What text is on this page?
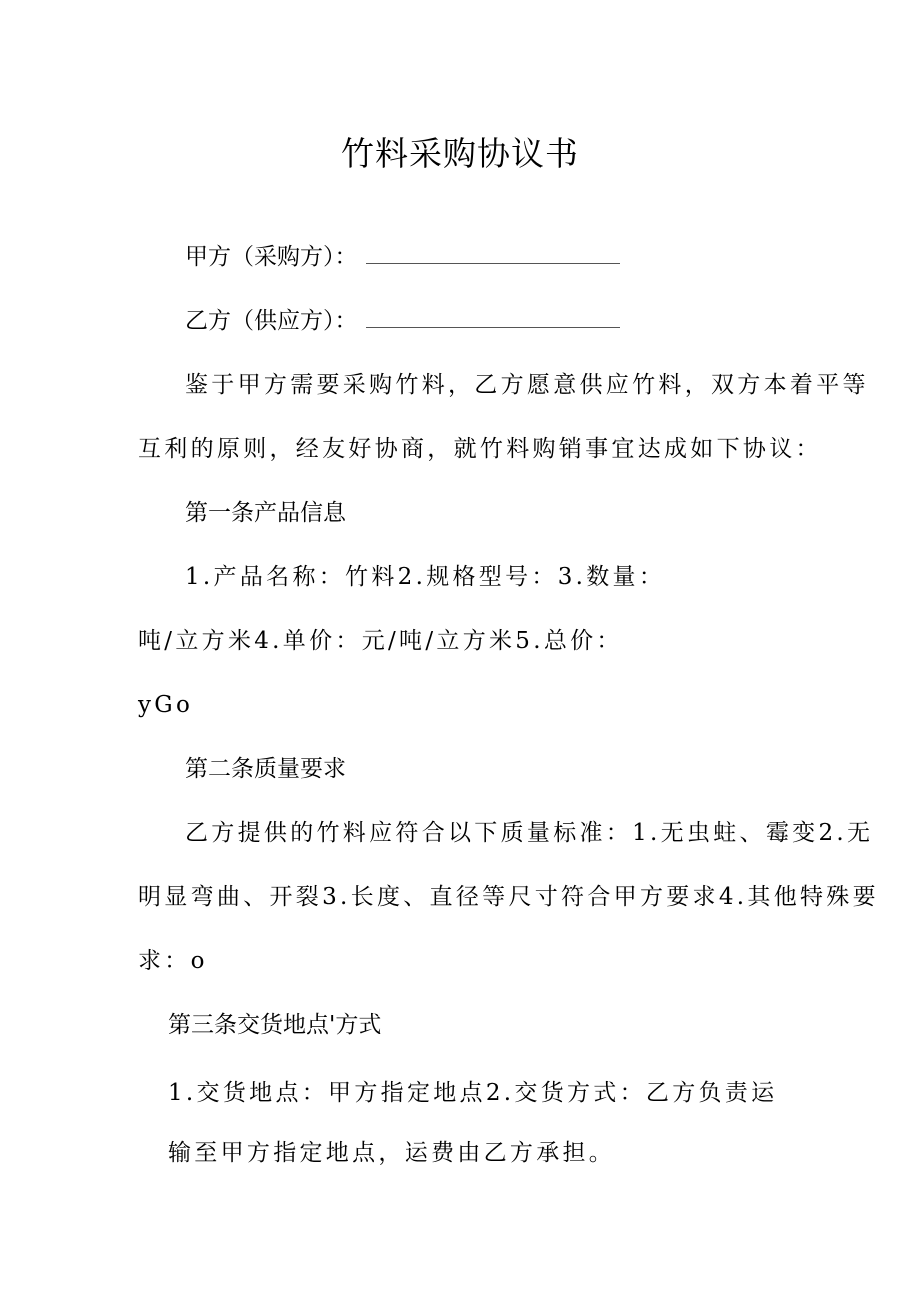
竹料采购协议书
甲方（采购方）：
乙方（供应方）：
鉴于甲方需要采购竹料，乙方愿意供应竹料，双方本着平等
互利的原则，经友好协商，就竹料购销事宜达成如下协议：
第一条产品信息
1.产品名称：竹料2.规格型号：3.数量：
吨/立方米4.单价：元/吨/立方米5.总价：
yGo
第二条质量要求
乙方提供的竹料应符合以下质量标准：1.无虫蛀、霉变2.无
明显弯曲、开裂3.长度、直径等尺寸符合甲方要求4.其他特殊要
求：o
第三条交货地点'方式
1.交货地点：甲方指定地点2.交货方式：乙方负责运
输至甲方指定地点，运费由乙方承担。
